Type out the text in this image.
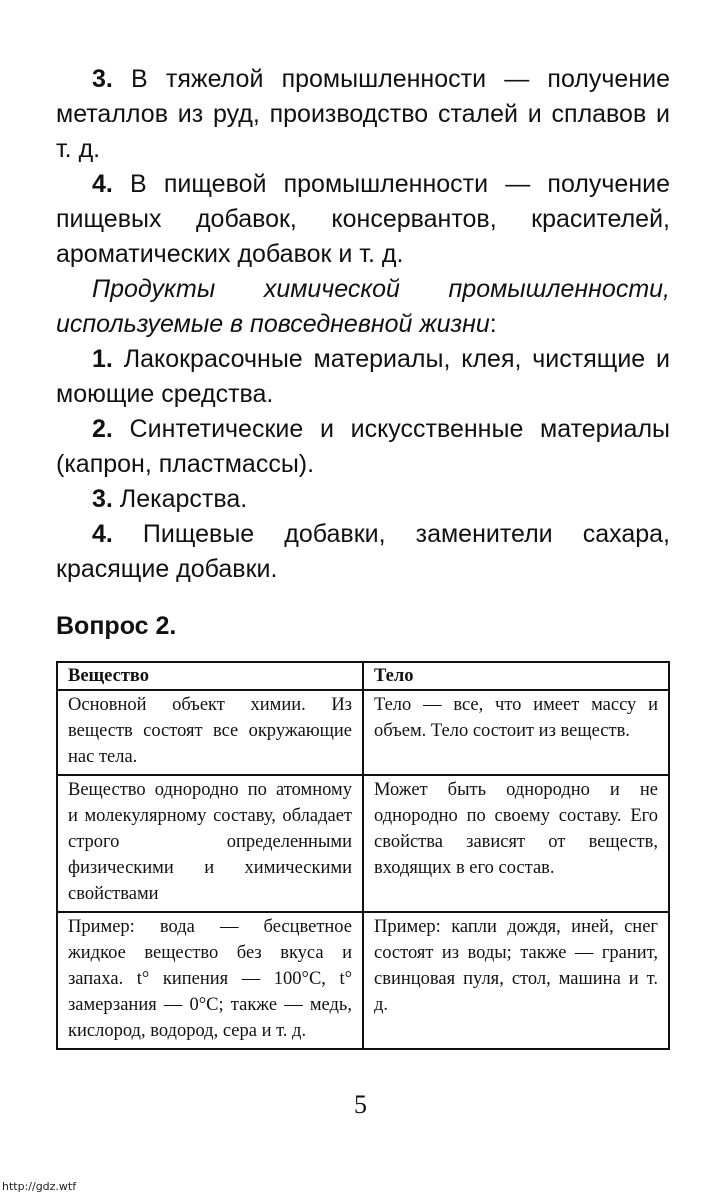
3. В тяжелой промышленности — получение металлов из руд, производство сталей и сплавов и т. д.

4. В пищевой промышленности — получение пищевых добавок, консервантов, красителей, ароматических добавок и т. д.

Продукты химической промышленности, используемые в повседневной жизни:

1. Лакокрасочные материалы, клея, чистящие и моющие средства.

2. Синтетические и искусственные материалы (капрон, пластмассы).

3. Лекарства.

4. Пищевые добавки, заменители сахара, красящие добавки.

Вопрос 2.
Вещество	Тело
Основной объект химии. Из веществ состоят все окружающие нас тела.	Тело — все, что имеет массу и объем. Тело состоит из веществ.
Вещество однородно по атомному и молекулярному составу, обладает строго определенными физическими и химическими свойствами	Может быть однородно и не однородно по своему составу. Его свойства зависят от веществ, входящих в его состав.
Пример: вода — бесцветное жидкое вещество без вкуса и запаха. t° кипения — 100°C, t° замерзания — 0°C; также — медь, кислород, водород, сера и т. д.	Пример: капли дождя, иней, снег состоят из воды; также — гранит, свинцовая пуля, стол, машина и т. д.
5
http://gdz.wtf
